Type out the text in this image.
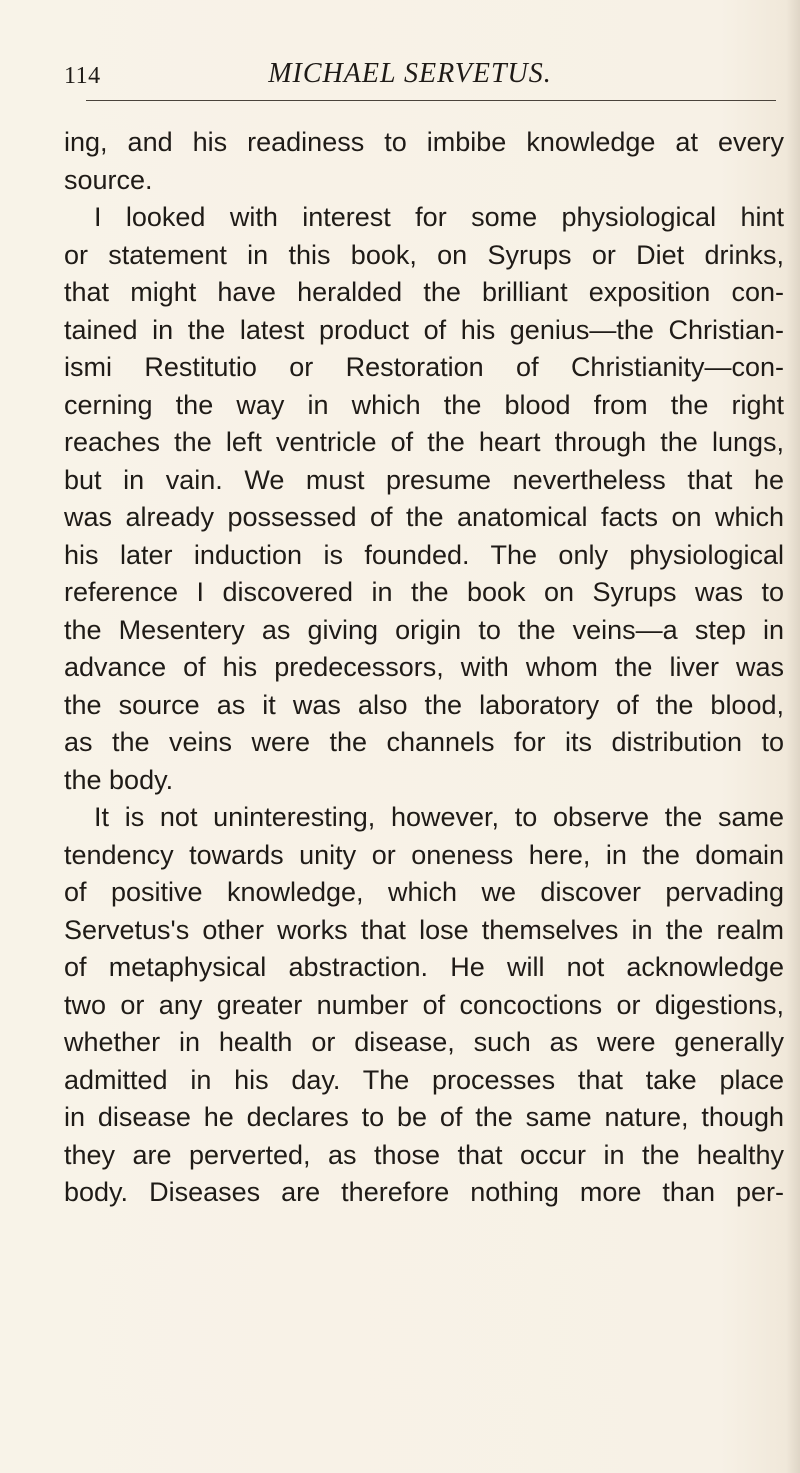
114	MICHAEL SERVETUS.
ing, and his readiness to imbibe knowledge at every
source.
I looked with interest for some physiological hint
or statement in this book, on Syrups or Diet drinks,
that might have heralded the brilliant exposition con-
tained in the latest product of his genius—the Christian-
ismi Restitutio or Restoration of Christianity—con-
cerning the way in which the blood from the right
reaches the left ventricle of the heart through the lungs,
but in vain. We must presume nevertheless that he
was already possessed of the anatomical facts on which
his later induction is founded. The only physiological
reference I discovered in the book on Syrups was to
the Mesentery as giving origin to the veins—a step in
advance of his predecessors, with whom the liver was
the source as it was also the laboratory of the blood,
as the veins were the channels for its distribution to
the body.
It is not uninteresting, however, to observe the same
tendency towards unity or oneness here, in the domain
of positive knowledge, which we discover pervading
Servetus's other works that lose themselves in the realm
of metaphysical abstraction. He will not acknowledge
two or any greater number of concoctions or digestions,
whether in health or disease, such as were generally
admitted in his day. The processes that take place
in disease he declares to be of the same nature, though
they are perverted, as those that occur in the healthy
body. Diseases are therefore nothing more than per-
